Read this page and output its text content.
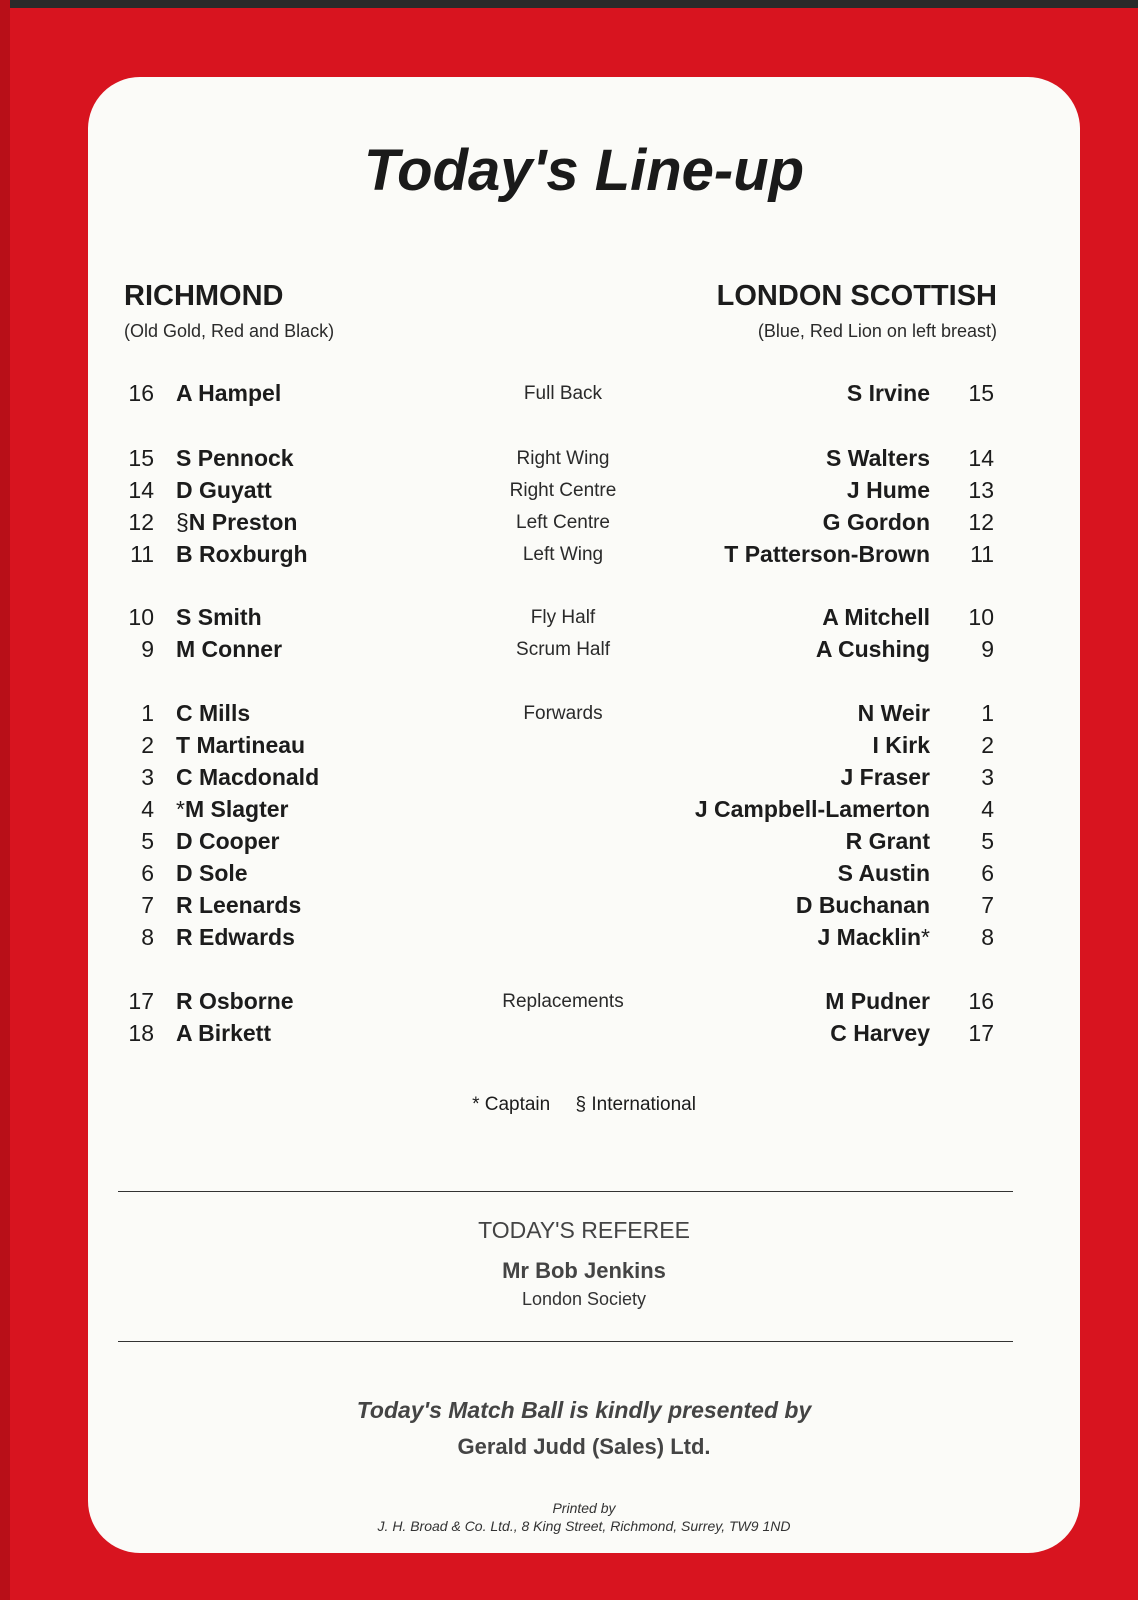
Today's Line-up
RICHMOND
(Old Gold, Red and Black)
LONDON SCOTTISH
(Blue, Red Lion on left breast)
16 A Hampel	Full Back	S Irvine	15
15 S Pennock	Right Wing	S Walters	14
14 D Guyatt	Right Centre	J Hume	13
12 §N Preston	Left Centre	G Gordon	12
11 B Roxburgh	Left Wing	T Patterson-Brown	11
10 S Smith	Fly Half	A Mitchell	10
9 M Conner	Scrum Half	A Cushing	9
1 C Mills	Forwards	N Weir	1
2 T Martineau	I Kirk	2
3 C Macdonald	J Fraser	3
4 *M Slagter	J Campbell-Lamerton	4
5 D Cooper	R Grant	5
6 D Sole	S Austin	6
7 R Leenards	D Buchanan	7
8 R Edwards	J Macklin*	8
17 R Osborne	Replacements	M Pudner	16
18 A Birkett	C Harvey	17
* Captain § International
TODAY'S REFEREE
Mr Bob Jenkins
London Society
Today's Match Ball is kindly presented by
Gerald Judd (Sales) Ltd.
Printed by
J. H. Broad & Co. Ltd., 8 King Street, Richmond, Surrey, TW9 1ND
